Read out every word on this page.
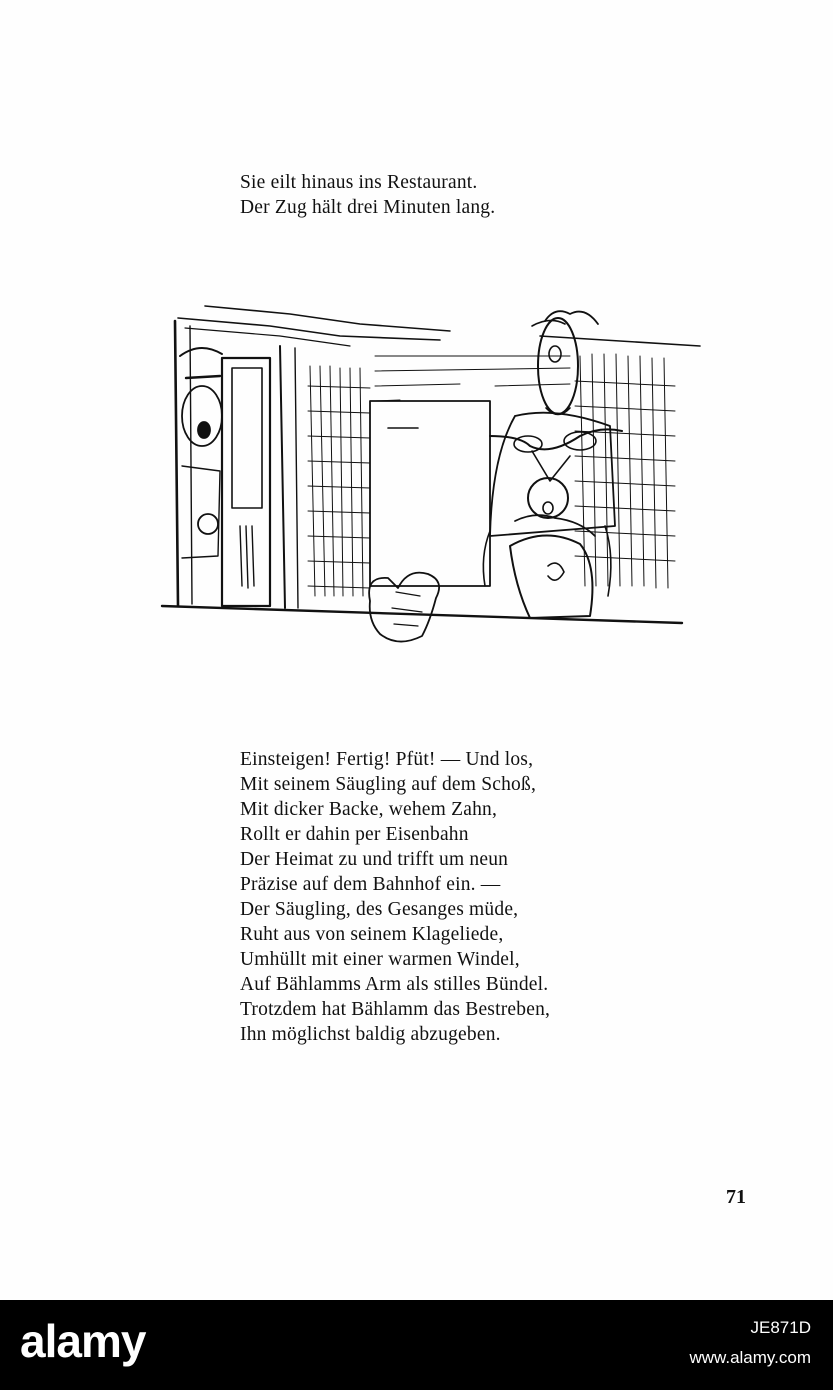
Sie eilt hinaus ins Restaurant.
Der Zug hält drei Minuten lang.
Einsteigen! Fertig! Pfüt! — Und los,
Mit seinem Säugling auf dem Schoß,
Mit dicker Backe, wehem Zahn,
Rollt er dahin per Eisenbahn
Der Heimat zu und trifft um neun
Präzise auf dem Bahnhof ein. —
Der Säugling, des Gesanges müde,
Ruht aus von seinem Klageliede,
Umhüllt mit einer warmen Windel,
Auf Bählamms Arm als stilles Bündel.
Trotzdem hat Bählamm das Bestreben,
Ihn möglichst baldig abzugeben.
71
alamy	JE871D
www.alamy.com
